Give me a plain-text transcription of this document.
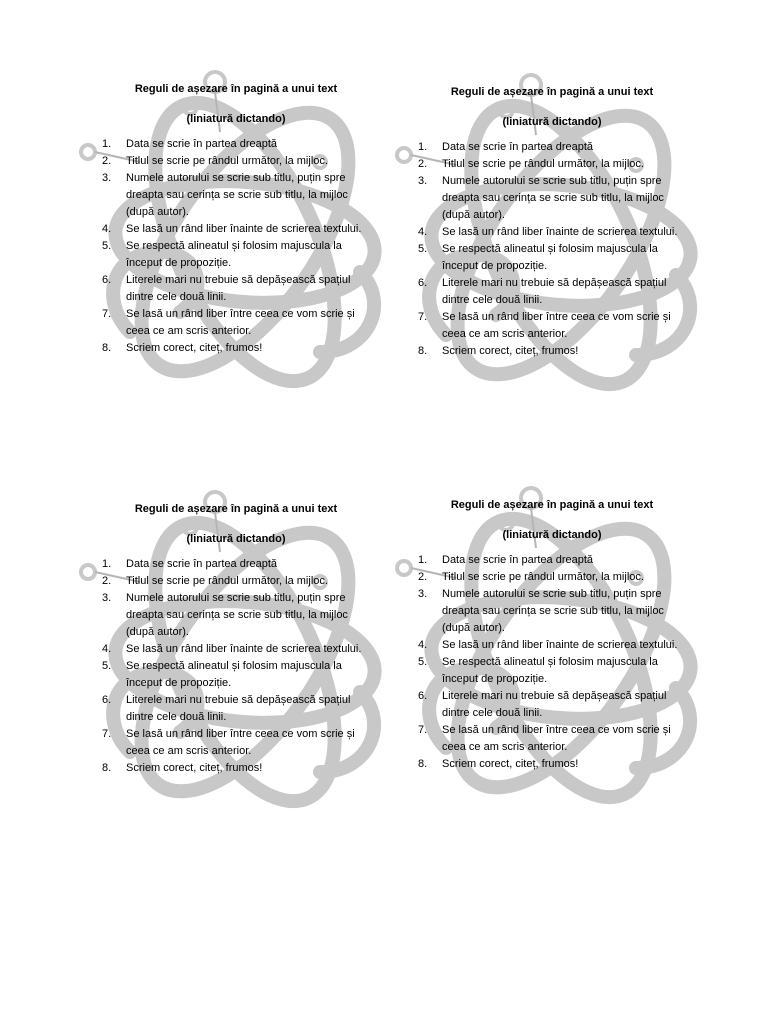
Reguli de așezare în pagină a unui text
(liniatură dictando)
1.	Data se scrie în partea dreaptă
2.	Titlul se scrie pe rândul următor, la mijloc.
3.	Numele autorului se scrie sub titlu, puțin spre dreapta sau cerința se scrie sub titlu, la mijloc (după autor).
4.	Se lasă un rând liber înainte de scrierea textului.
5.	Se respectă alineatul și folosim majuscula la început de propoziție.
6.	Literele mari nu trebuie să depășească spațiul dintre cele două linii.
7.	Se lasă un rând liber între ceea ce vom scrie și ceea ce am scris anterior.
8.	Scriem corect, citeț, frumos!
Reguli de așezare în pagină a unui text
(liniatură dictando)
1.	Data se scrie în partea dreaptă
2.	Titlul se scrie pe rândul următor, la mijloc.
3.	Numele autorului se scrie sub titlu, puțin spre dreapta sau cerința se scrie sub titlu, la mijloc (după autor).
4.	Se lasă un rând liber înainte de scrierea textului.
5.	Se respectă alineatul și folosim majuscula la început de propoziție.
6.	Literele mari nu trebuie să depășească spațiul dintre cele două linii.
7.	Se lasă un rând liber între ceea ce vom scrie și ceea ce am scris anterior.
8.	Scriem corect, citeț, frumos!
Reguli de așezare în pagină a unui text
(liniatură dictando)
1.	Data se scrie în partea dreaptă
2.	Titlul se scrie pe rândul următor, la mijloc.
3.	Numele autorului se scrie sub titlu, puțin spre dreapta sau cerința se scrie sub titlu, la mijloc (după autor).
4.	Se lasă un rând liber înainte de scrierea textului.
5.	Se respectă alineatul și folosim majuscula la început de propoziție.
6.	Literele mari nu trebuie să depășească spațiul dintre cele două linii.
7.	Se lasă un rând liber între ceea ce vom scrie și ceea ce am scris anterior.
8.	Scriem corect, citeț, frumos!
Reguli de așezare în pagină a unui text
(liniatură dictando)
1.	Data se scrie în partea dreaptă
2.	Titlul se scrie pe rândul următor, la mijloc.
3.	Numele autorului se scrie sub titlu, puțin spre dreapta sau cerința se scrie sub titlu, la mijloc (după autor).
4.	Se lasă un rând liber înainte de scrierea textului.
5.	Se respectă alineatul și folosim majuscula la început de propoziție.
6.	Literele mari nu trebuie să depășească spațiul dintre cele două linii.
7.	Se lasă un rând liber între ceea ce vom scrie și ceea ce am scris anterior.
8.	Scriem corect, citeț, frumos!
